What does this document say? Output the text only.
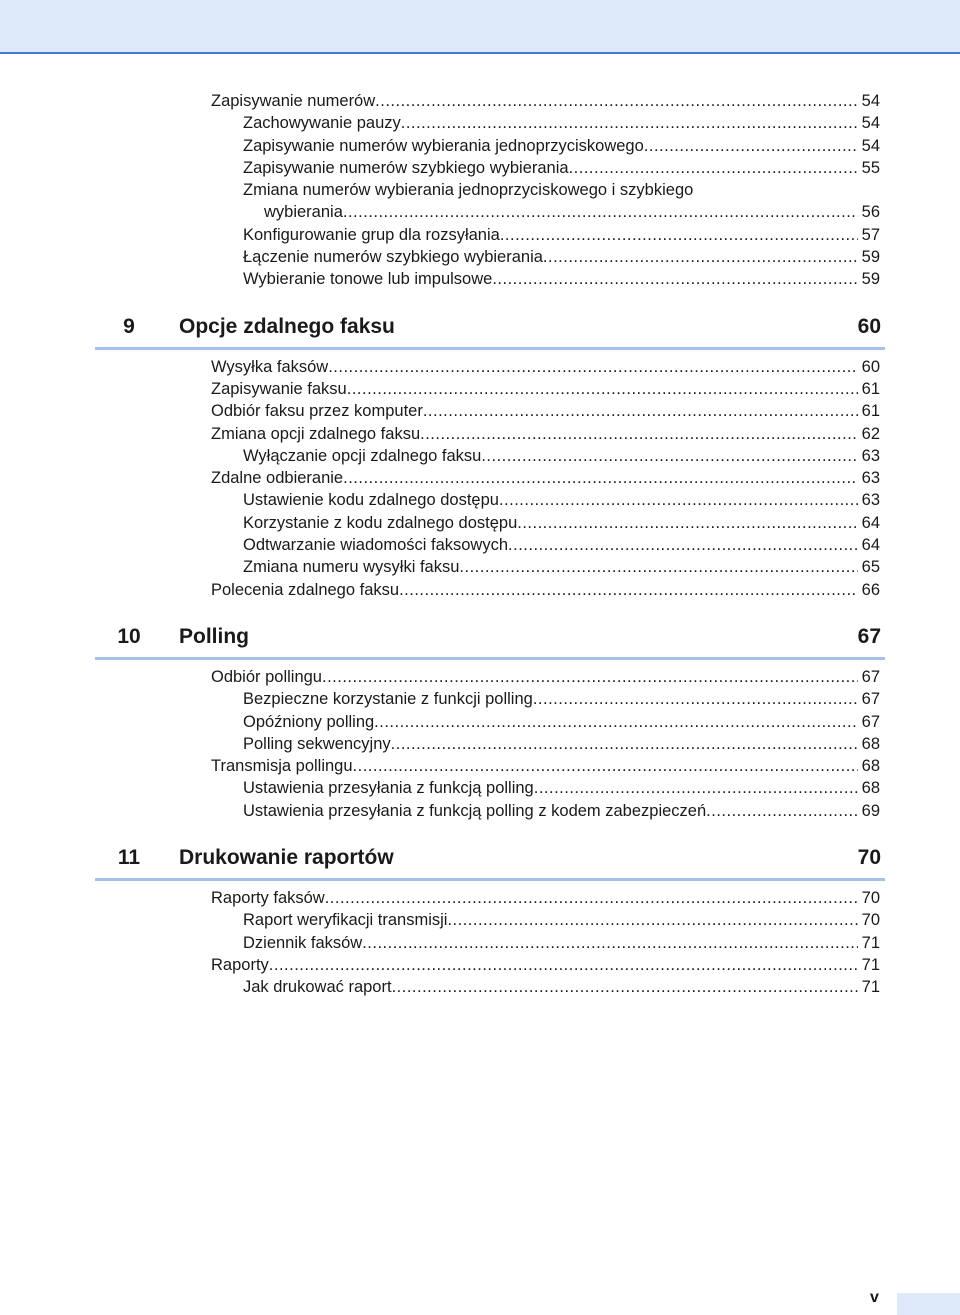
Zapisywanie numerów .....	54
Zachowywanie pauzy .....	54
Zapisywanie numerów wybierania jednoprzyciskowego .....	54
Zapisywanie numerów szybkiego wybierania .....	55
Zmiana numerów wybierania jednoprzyciskowego i szybkiego
wybierania .....	56
Konfigurowanie grup dla rozsyłania .....	57
Łączenie numerów szybkiego wybierania .....	59
Wybieranie tonowe lub impulsowe .....	59
9	Opcje zdalnego faksu	60
Wysyłka faksów .....	60
Zapisywanie faksu .....	61
Odbiór faksu przez komputer .....	61
Zmiana opcji zdalnego faksu .....	62
Wyłączanie opcji zdalnego faksu .....	63
Zdalne odbieranie .....	63
Ustawienie kodu zdalnego dostępu .....	63
Korzystanie z kodu zdalnego dostępu .....	64
Odtwarzanie wiadomości faksowych .....	64
Zmiana numeru wysyłki faksu .....	65
Polecenia zdalnego faksu .....	66
10	Polling	67
Odbiór pollingu .....	67
Bezpieczne korzystanie z funkcji polling .....	67
Opóźniony polling .....	67
Polling sekwencyjny .....	68
Transmisja pollingu .....	68
Ustawienia przesyłania z funkcją polling .....	68
Ustawienia przesyłania z funkcją polling z kodem zabezpieczeń .....	69
11	Drukowanie raportów	70
Raporty faksów .....	70
Raport weryfikacji transmisji .....	70
Dziennik faksów .....	71
Raporty .....	71
Jak drukować raport .....	71
v
